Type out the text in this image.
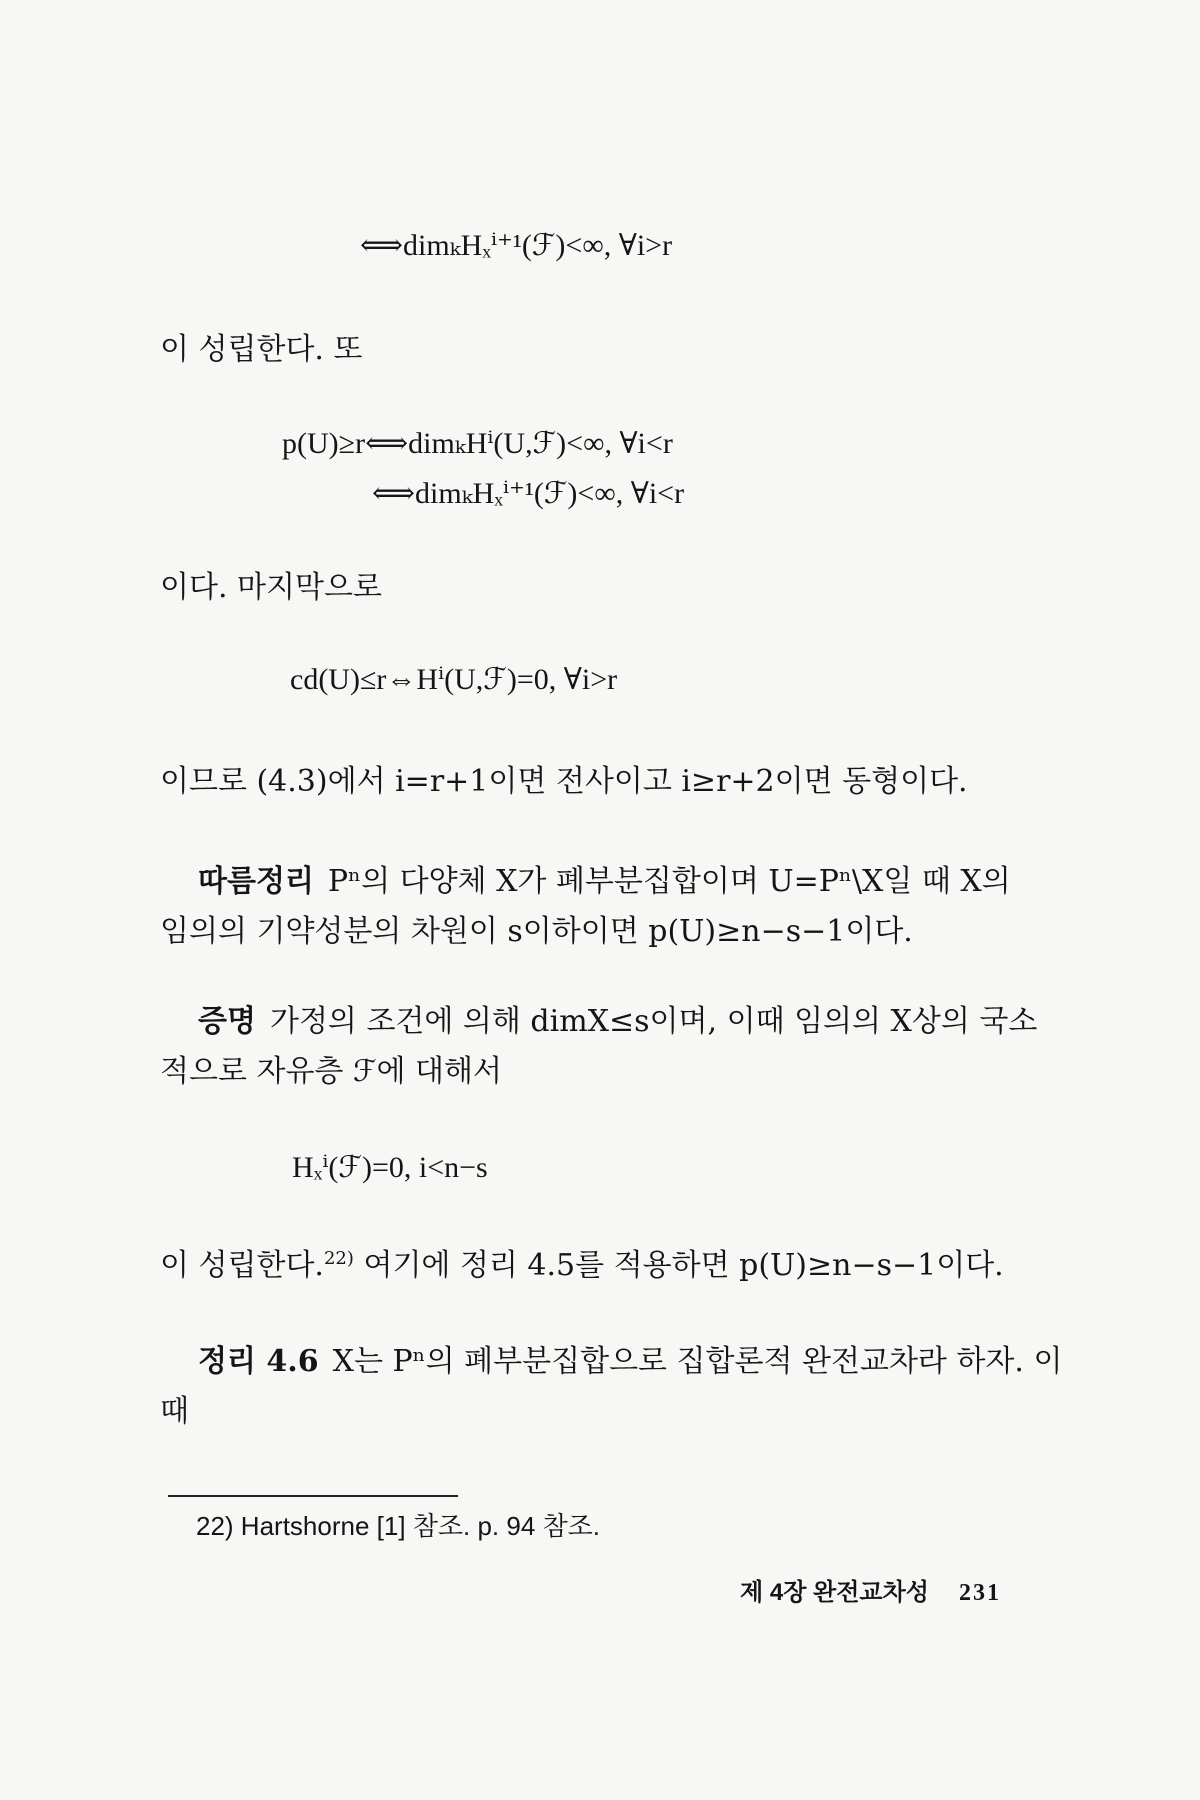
⟺dimₖHₓⁱ⁺¹(ℱ)<∞, ∀i>r
이 성립한다. 또
p(U)≥r⟺dimₖHⁱ(U,ℱ)<∞, ∀i<r
⟺dimₖHₓⁱ⁺¹(ℱ)<∞, ∀i<r
이다. 마지막으로
cd(U)≤r⇔Hⁱ(U,ℱ)=0, ∀i>r
이므로 (4.3)에서 i=r+1이면 전사이고 i≥r+2이면 동형이다.
따름정리 Pⁿ의 다양체 X가 폐부분집합이며 U=Pⁿ\X일 때 X의
임의의 기약성분의 차원이 s이하이면 p(U)≥n−s−1이다.
증명 가정의 조건에 의해 dimX≤s이며, 이때 임의의 X상의 국소
적으로 자유층 ℱ에 대해서
Hₓⁱ(ℱ)=0, i<n−s
이 성립한다.$^{22)}$ 여기에 정리 4.5를 적용하면 p(U)≥n−s−1이다.
정리 4.6 X는 Pⁿ의 폐부분집합으로 집합론적 완전교차라 하자. 이
때
22) Hartshorne [1] 참조. p. 94 참조.
제 4장 완전교차성 231
